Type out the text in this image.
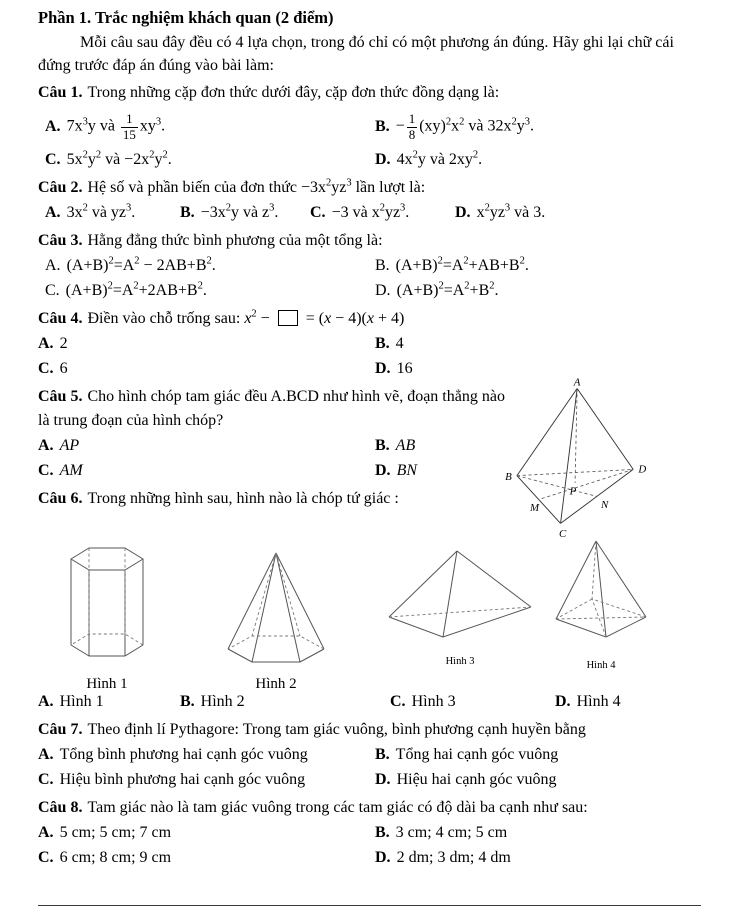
Phần 1. Trắc nghiệm khách quan (2 điểm)

Mỗi câu sau đây đều có 4 lựa chọn, trong đó chỉ có một phương án đúng. Hãy ghi lại chữ cái đứng trước đáp án đúng vào bài làm:

Câu 1. Trong những cặp đơn thức dưới đây, cặp đơn thức đồng dạng là:

A. $7x^3y$ và $\frac{1}{15} xy^3$.	B. − $\frac{1}{8} (xy)^2x^2$ và $32x^2y^3$.
C. $5x^2y^2$ và $-2x^2y^2$.	D. $4x^2y$ và $2xy^2$.

Câu 2. Hệ số và phần biến của đơn thức $-3x^2yz^3$ lần lượt là:

A. $3x^2$ và $yz^3$.	B. $-3x^2y$ và $z^3$.	C. −3 và $x^2yz^3$.	D. $x^2yz^3$ và 3.

Câu 3. Hằng đẳng thức bình phương của một tổng là:

A. $(A+B)^2=A^2 - 2AB+B^2$.	B. $(A+B)^2=A^2+AB+B^2$.
C. $(A+B)^2=A^2+2AB+B^2$.	D. $(A+B)^2=A^2+B^2$.

Câu 4. Điền vào chỗ trống sau: $x^2$ −  = (x − 4)(x + 4)

A. 2	B. 4
C. 6	D. 16

Câu 5. Cho hình chóp tam giác đều A.BCD như hình vẽ, đoạn thẳng nào là trung đoạn của hình chóp?

A. AP	B. AB
C. AM	D. BN
A
B
D
C
M	N
P

Câu 6. Trong những hình sau, hình nào là chóp tứ giác :

Hình 1	Hình 2
Hình 3	Hình 4
A. Hình 1	B. Hình 2	C. Hình 3	D. Hình 4

Câu 7. Theo định lí Pythagore: Trong tam giác vuông, bình phương cạnh huyền bằng

A. Tổng bình phương hai cạnh góc vuông	B. Tổng hai cạnh góc vuông
C. Hiệu bình phương hai cạnh góc vuông	D. Hiệu hai cạnh góc vuông

Câu 8. Tam giác nào là tam giác vuông trong các tam giác có độ dài ba cạnh như sau:

A. 5 cm; 5 cm; 7 cm	B. 3 cm; 4 cm; 5 cm
C. 6 cm; 8 cm; 9 cm	D. 2 dm; 3 dm; 4 dm
